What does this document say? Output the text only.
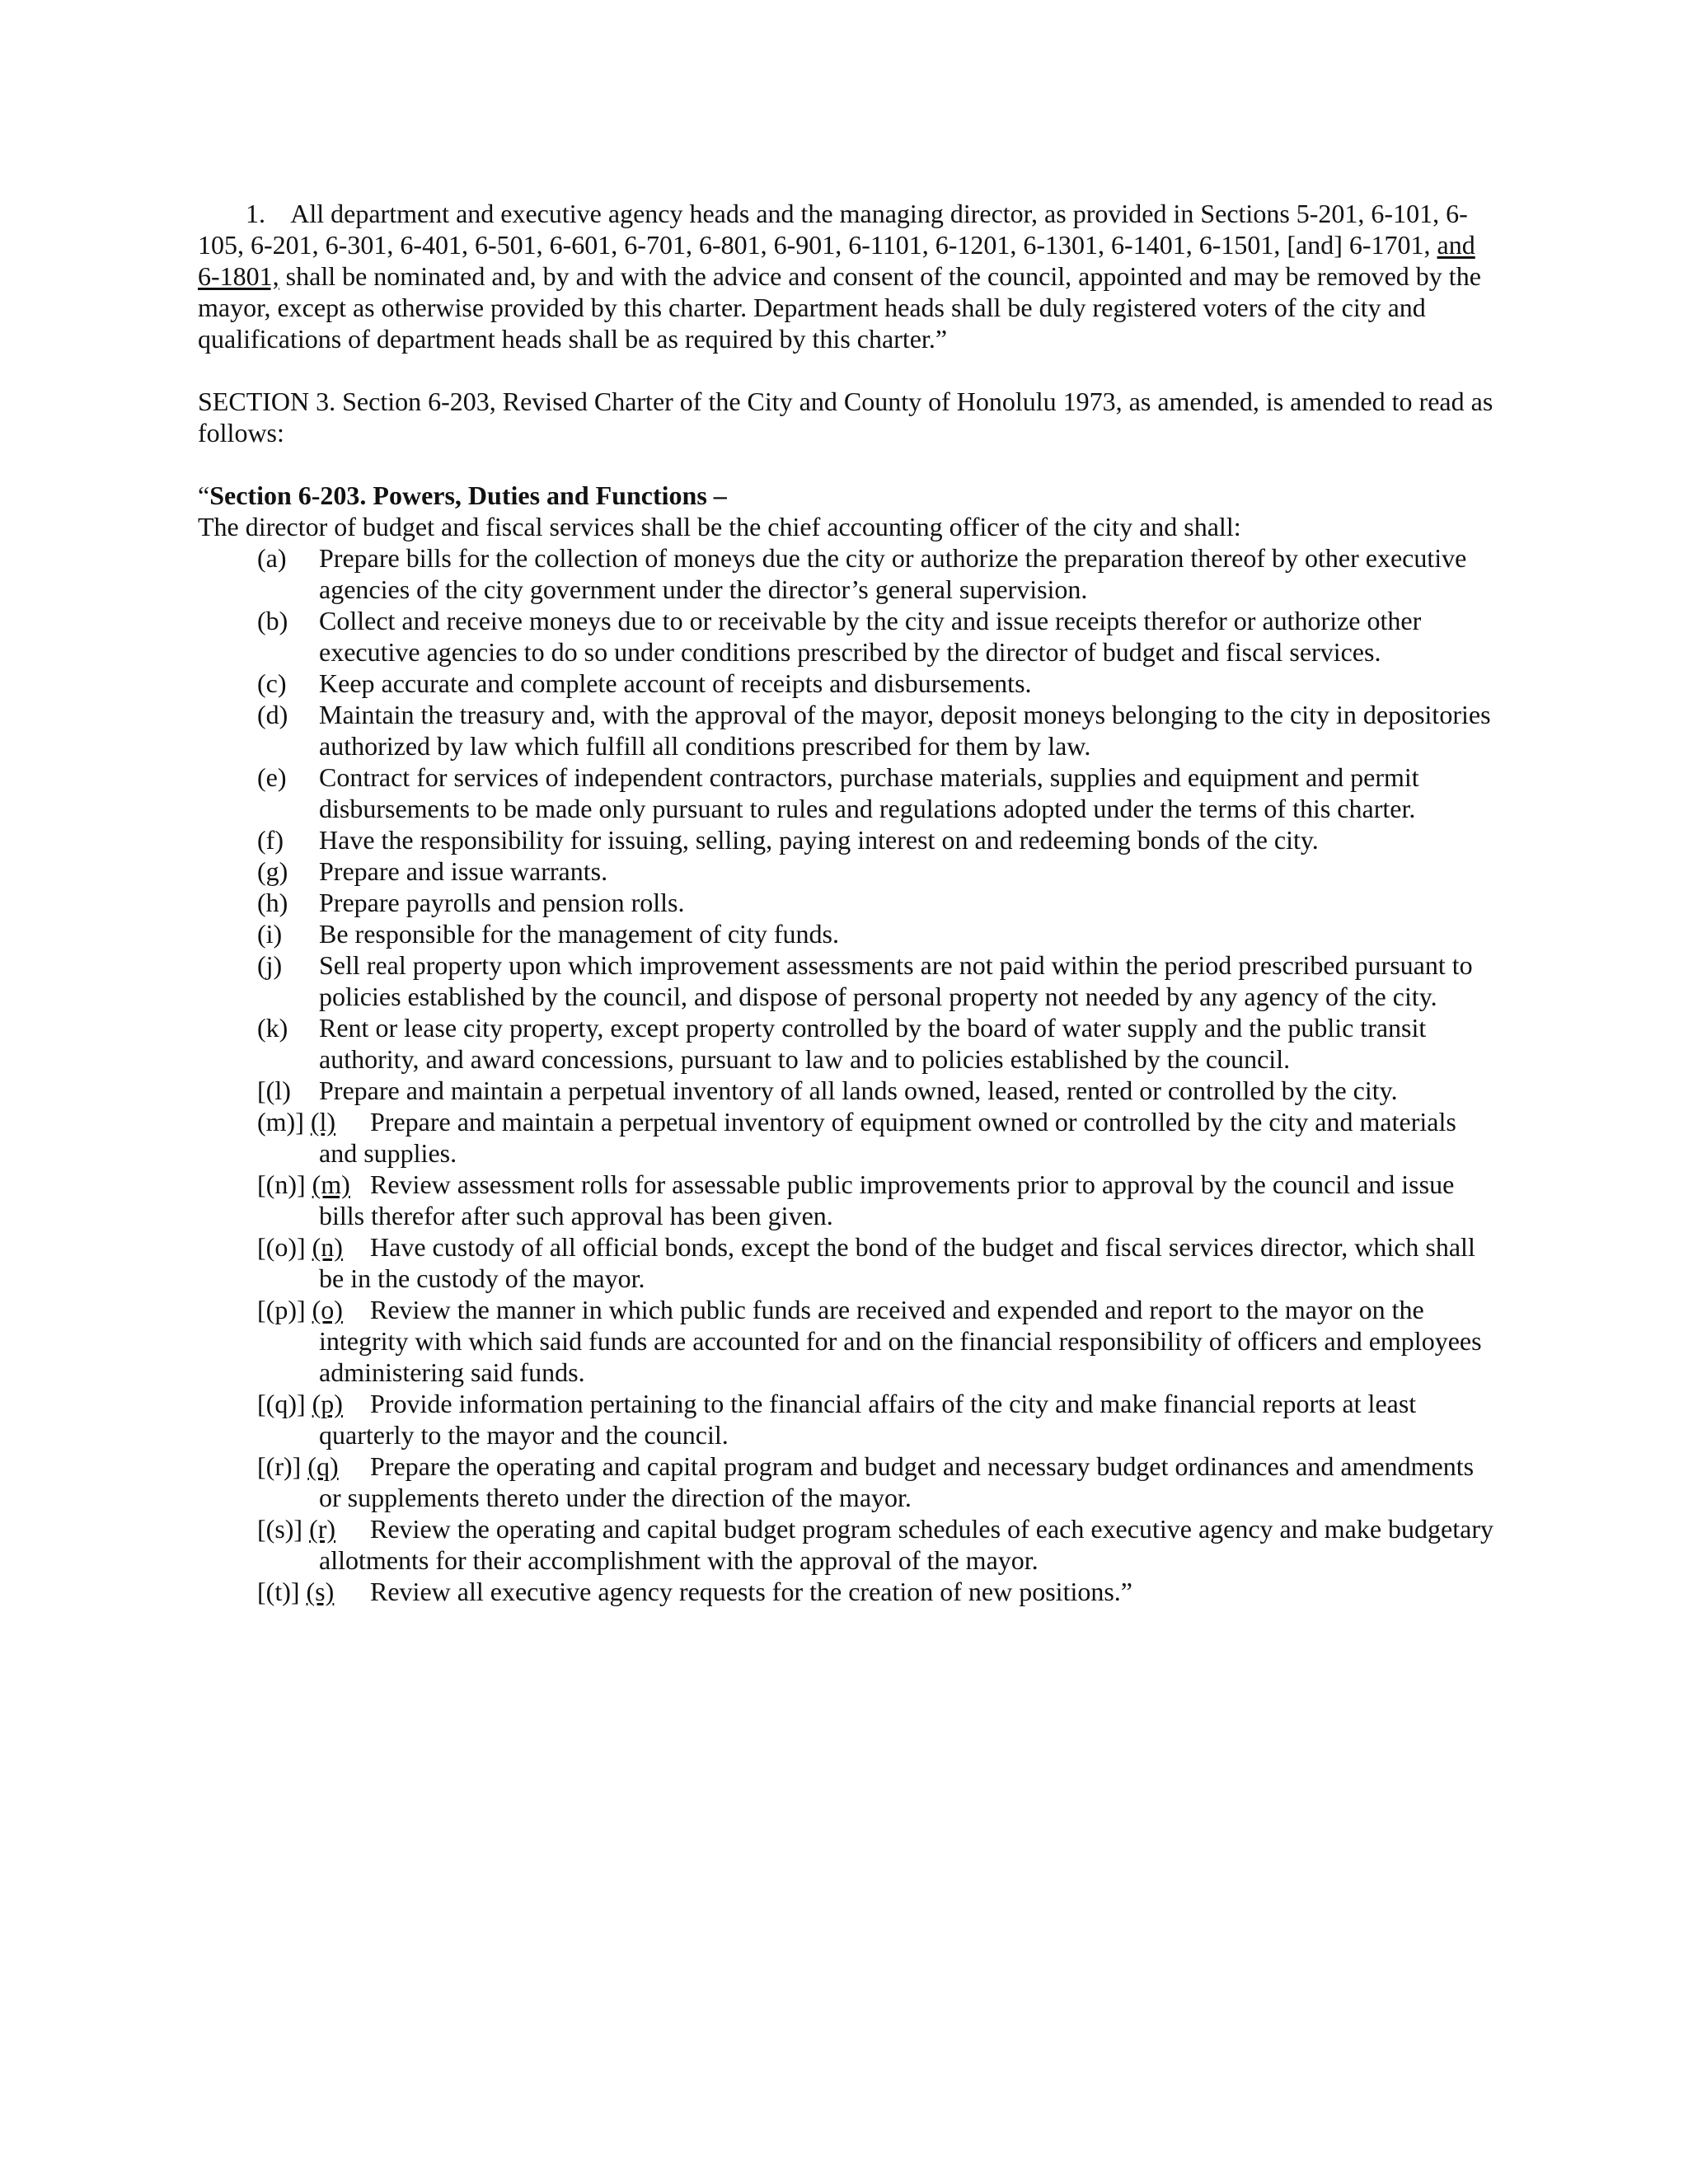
1. All department and executive agency heads and the managing director, as provided in Sections 5-201, 6-101, 6-105, 6-201, 6-301, 6-401, 6-501, 6-601, 6-701, 6-801, 6-901, 6-1101, 6-1201, 6-1301, 6-1401, 6-1501, [and] 6-1701, and 6-1801, shall be nominated and, by and with the advice and consent of the council, appointed and may be removed by the mayor, except as otherwise provided by this charter. Department heads shall be duly registered voters of the city and qualifications of department heads shall be as required by this charter.”

SECTION 3. Section 6-203, Revised Charter of the City and County of Honolulu 1973, as amended, is amended to read as follows:

“Section 6-203. Powers, Duties and Functions –

The director of budget and fiscal services shall be the chief accounting officer of the city and shall:

(a) Prepare bills for the collection of moneys due the city or authorize the preparation thereof by other executive agencies of the city government under the director’s general supervision.
(b) Collect and receive moneys due to or receivable by the city and issue receipts therefor or authorize other executive agencies to do so under conditions prescribed by the director of budget and fiscal services.
(c) Keep accurate and complete account of receipts and disbursements.
(d) Maintain the treasury and, with the approval of the mayor, deposit moneys belonging to the city in depositories authorized by law which fulfill all conditions prescribed for them by law.
(e) Contract for services of independent contractors, purchase materials, supplies and equipment and permit disbursements to be made only pursuant to rules and regulations adopted under the terms of this charter.
(f) Have the responsibility for issuing, selling, paying interest on and redeeming bonds of the city.
(g) Prepare and issue warrants.
(h) Prepare payrolls and pension rolls.
(i) Be responsible for the management of city funds.
(j) Sell real property upon which improvement assessments are not paid within the period prescribed pursuant to policies established by the council, and dispose of personal property not needed by any agency of the city.
(k) Rent or lease city property, except property controlled by the board of water supply and the public transit authority, and award concessions, pursuant to law and to policies established by the council.
[(l) Prepare and maintain a perpetual inventory of all lands owned, leased, rented or controlled by the city.
(m)] (l) Prepare and maintain a perpetual inventory of equipment owned or controlled by the city and materials and supplies.
[(n)] (m) Review assessment rolls for assessable public improvements prior to approval by the council and issue bills therefor after such approval has been given.
[(o)] (n) Have custody of all official bonds, except the bond of the budget and fiscal services director, which shall be in the custody of the mayor.
[(p)] (o) Review the manner in which public funds are received and expended and report to the mayor on the integrity with which said funds are accounted for and on the financial responsibility of officers and employees administering said funds.
[(q)] (p) Provide information pertaining to the financial affairs of the city and make financial reports at least quarterly to the mayor and the council.
[(r)] (q) Prepare the operating and capital program and budget and necessary budget ordinances and amendments or supplements thereto under the direction of the mayor.
[(s)] (r) Review the operating and capital budget program schedules of each executive agency and make budgetary allotments for their accomplishment with the approval of the mayor.
[(t)] (s) Review all executive agency requests for the creation of new positions.”
